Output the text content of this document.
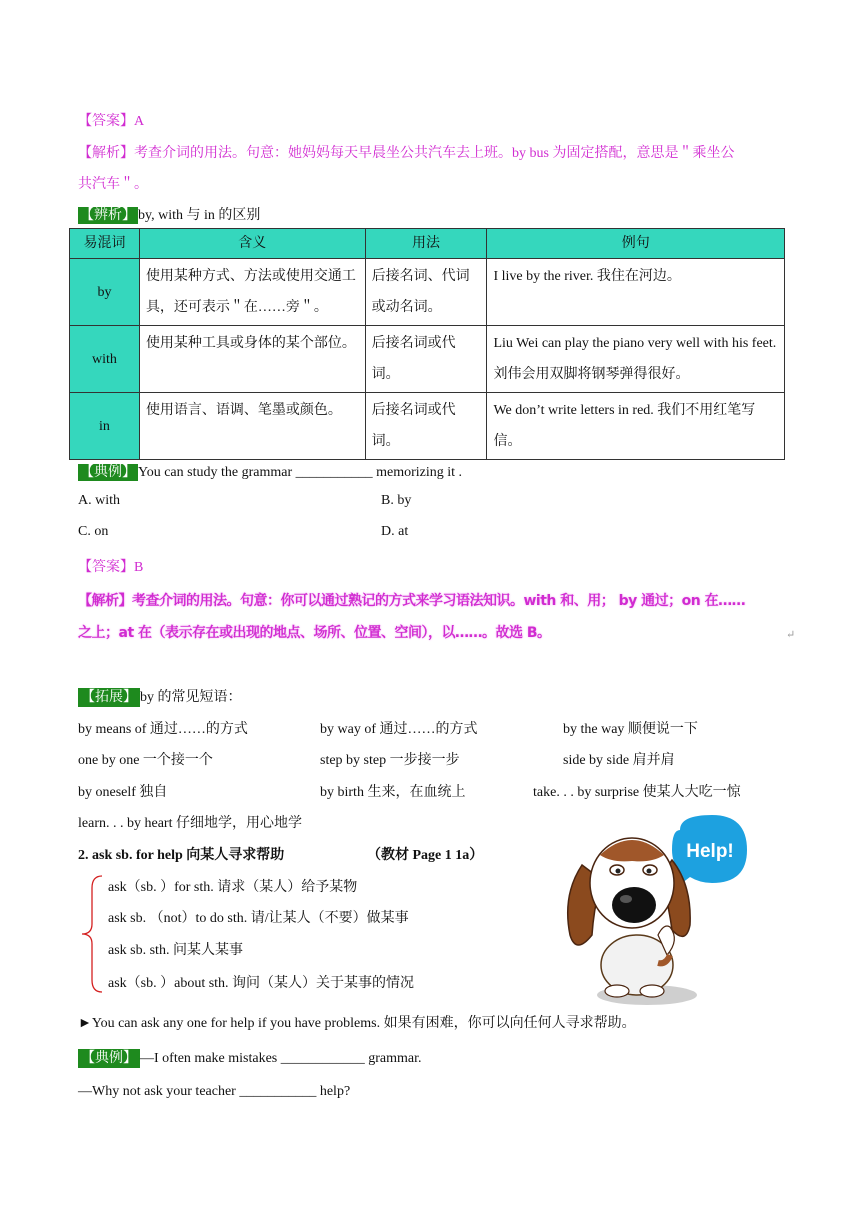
【答案】A
【解析】考查介词的用法。句意：她妈妈每天早晨坐公共汽车去上班。by bus 为固定搭配，意思是＂乘坐公
共汽车＂。
【辨析】 by, with 与 in 的区别
易混词	含义	用法	例句
by	使用某种方式、方法或使用交通工具，还可表示＂在……旁＂。	后接名词、代词或动名词。	I live by the river. 我住在河边。
with	使用某种工具或身体的某个部位。	后接名词或代词。	Liu Wei can play the piano very well with his feet. 刘伟会用双脚将钢琴弹得很好。
in	使用语言、语调、笔墨或颜色。	后接名词或代词。	We don’t write letters in red. 我们不用红笔写信。
【典例】 You can study the grammar ___________ memorizing it .
A. with	B. by
C. on	D. at
【答案】B
【解析】考查介词的用法。句意：你可以通过熟记的方式来学习语法知识。with 和、用； by 通过；on 在……
之上；at 在（表示存在或出现的地点、场所、位置、空间），以……。故选 B。	↵
【拓展】 by 的常见短语：
by means of 通过……的方式	by way of 通过……的方式	by the way 顺便说一下
one by one 一个接一个	step by step 一步接一步	side by side 肩并肩
by oneself 独自	by birth 生来，在血统上	take. . . by surprise 使某人大吃一惊
learn. . . by heart 仔细地学，用心地学
2. ask sb. for help 向某人寻求帮助	（教材 Page 1 1a）
ask（sb. ）for sth. 请求（某人）给予某物
ask sb. （not）to do sth. 请/让某人（不要）做某事
ask sb. sth. 问某人某事
ask（sb. ）about sth. 询问（某人）关于某事的情况
Help!
►You can ask any one for help if you have problems. 如果有困难，你可以向任何人寻求帮助。
【典例】 —I often make mistakes ____________ grammar.
—Why not ask your teacher ___________ help?
